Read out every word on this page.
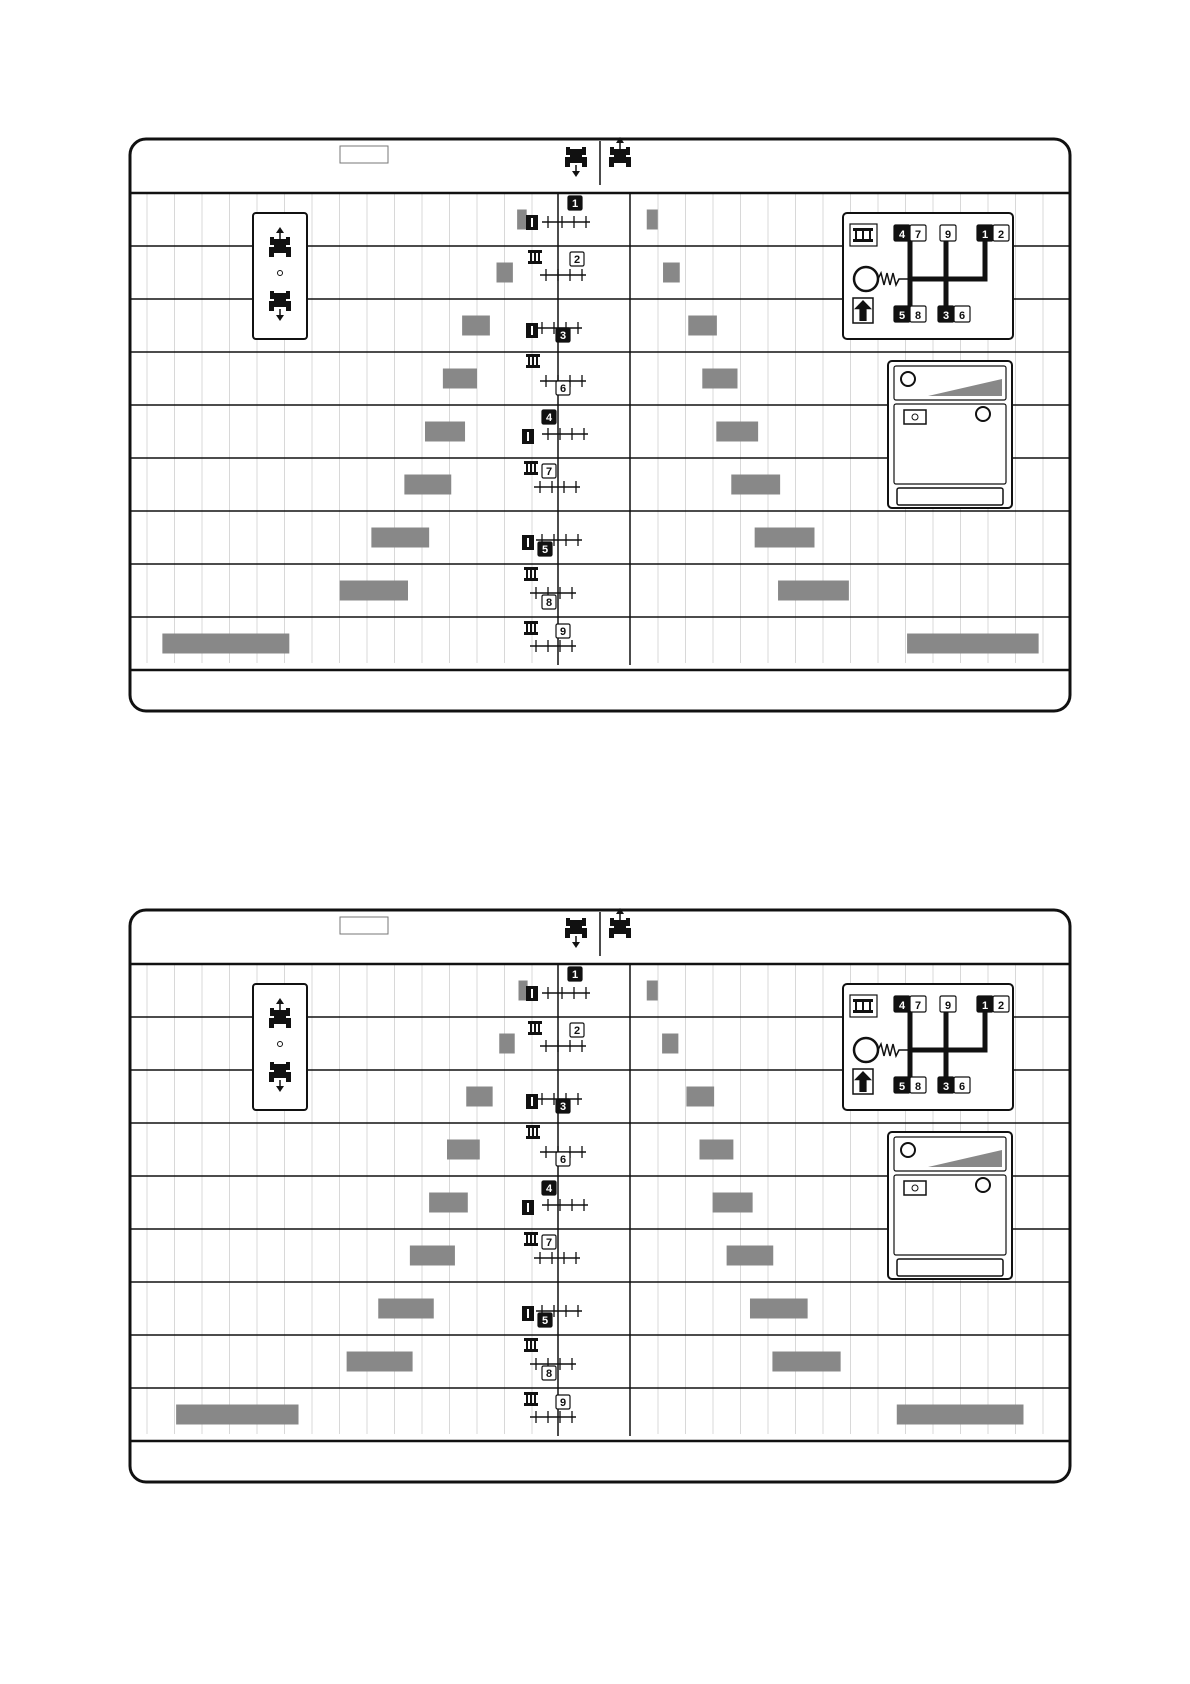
4 7 9	1 2
5 8 3 6
1
2
3
6
4
7
5
8
9
4 7 9	1 2
5 8 3 6
1
2
3
6
4
7
5
8
9
